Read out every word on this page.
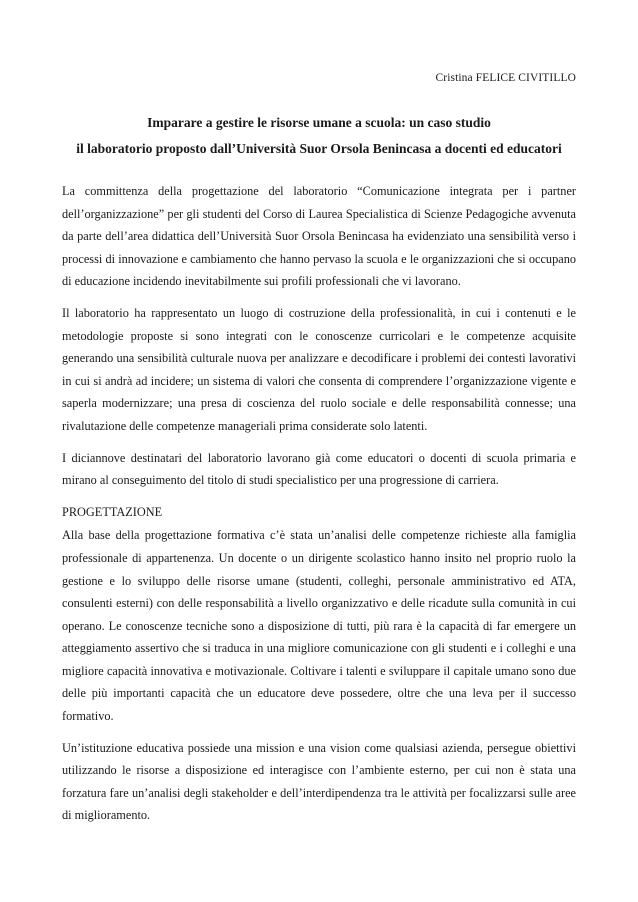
Cristina FELICE CIVITILLO
Imparare a gestire le risorse umane a scuola: un caso studio
il laboratorio proposto dall’Università Suor Orsola Benincasa a docenti ed educatori

La committenza della progettazione del laboratorio “Comunicazione integrata per i partner dell’organizzazione” per gli studenti del Corso di Laurea Specialistica di Scienze Pedagogiche avvenuta da parte dell’area didattica dell’Università Suor Orsola Benincasa ha evidenziato una sensibilità verso i processi di innovazione e cambiamento che hanno pervaso la scuola e le organizzazioni che si occupano di educazione incidendo inevitabilmente sui profili professionali che vi lavorano.

Il laboratorio ha rappresentato un luogo di costruzione della professionalità, in cui i contenuti e le metodologie proposte si sono integrati con le conoscenze curricolari e le competenze acquisite generando una sensibilità culturale nuova per analizzare e decodificare i problemi dei contesti lavorativi in cui si andrà ad incidere; un sistema di valori che consenta di comprendere l’organizzazione vigente e saperla modernizzare; una presa di coscienza del ruolo sociale e delle responsabilità connesse; una rivalutazione delle competenze manageriali prima considerate solo latenti.

I diciannove destinatari del laboratorio lavorano già come educatori o docenti di scuola primaria e mirano al conseguimento del titolo di studi specialistico per una progressione di carriera.

PROGETTAZIONE

Alla base della progettazione formativa c’è stata un’analisi delle competenze richieste alla famiglia professionale di appartenenza. Un docente o un dirigente scolastico hanno insito nel proprio ruolo la gestione e lo sviluppo delle risorse umane (studenti, colleghi, personale amministrativo ed ATA, consulenti esterni) con delle responsabilità a livello organizzativo e delle ricadute sulla comunità in cui operano. Le conoscenze tecniche sono a disposizione di tutti, più rara è la capacità di far emergere un atteggiamento assertivo che si traduca in una migliore comunicazione con gli studenti e i colleghi e una migliore capacità innovativa e motivazionale. Coltivare i talenti e sviluppare il capitale umano sono due delle più importanti capacità che un educatore deve possedere, oltre che una leva per il successo formativo.

Un’istituzione educativa possiede una mission e una vision come qualsiasi azienda, persegue obiettivi utilizzando le risorse a disposizione ed interagisce con l’ambiente esterno, per cui non è stata una forzatura fare un’analisi degli stakeholder e dell’interdipendenza tra le attività per focalizzarsi sulle aree di miglioramento.
